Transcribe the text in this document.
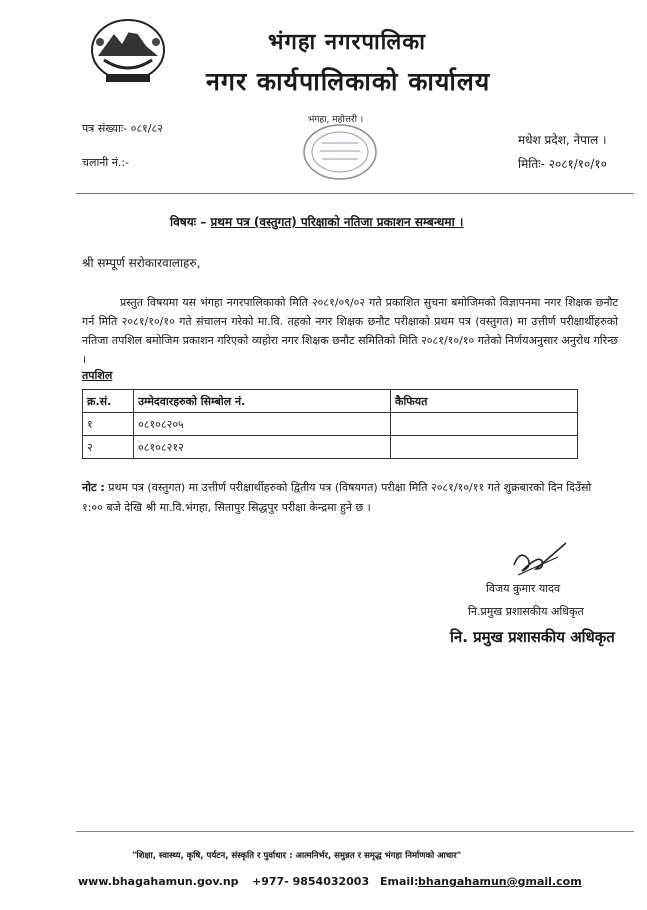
भंगहा नगरपालिका
नगर कार्यपालिकाको कार्यालय
पत्र संख्याः- ०८१/८२
चलानी नं.:-
मधेश प्रदेश, नेपाल ।
मितिः- २०८१/१०/१०
भंगहा, महोत्तरी ।
विषयः – प्रथम पत्र (वस्तुगत) परिक्षाको नतिजा प्रकाशन सम्बन्धमा ।
श्री सम्पूर्ण सरोकारवालाहरु,
प्रस्तुत विषयमा यस भंगहा नगरपालिकाको मिति २०८१/०९/०२ गते प्रकाशित सुचना बमोजिमको विज्ञापनमा नगर शिक्षक छनौट गर्न मिति २०८१/१०/१० गते संचालन गरेको मा.वि. तहको नगर शिक्षक छनौट परीक्षाको प्रथम पत्र (वस्तुगत) मा उत्तीर्ण परीक्षार्थीहरुको नतिजा तपशिल बमोजिम प्रकाशन गरिएको व्यहोरा नगर शिक्षक छनौट समितिको मिति २०८१/१०/१० गतेको निर्णयअनुसार अनुरोध गरिन्छ ।
तपशिल
क्र.सं.	उम्मेदवारहरुको सिम्बोल नं.	कैफियत
१	०८१०८२०५	
२	०८१०८२१२	
नोट : प्रथम पत्र (वस्तुगत) मा उत्तीर्ण परीक्षार्थीहरुको द्वितीय पत्र (विषयगत) परीक्षा मिति २०८१/१०/११ गते शुक्रबारको दिन दिउँसो १:०० बजे देखि श्री मा.वि.भंगहा, सितापुर सिद्धपुर परीक्षा केन्द्रमा हुने छ ।
विजय कुमार यादव
नि.प्रमुख प्रशासकीय अधिकृत
नि. प्रमुख प्रशासकीय अधिकृत
"शिक्षा, स्वास्थ्य, कृषि, पर्यटन, संस्कृति र पुर्वाधार : आत्मनिर्भर, समुन्नत र समृद्ध भंगहा निर्माणको आधार"
www.bhagahamun.gov.np +977- 9854032003 Email: bhangahamun@gmail.com
